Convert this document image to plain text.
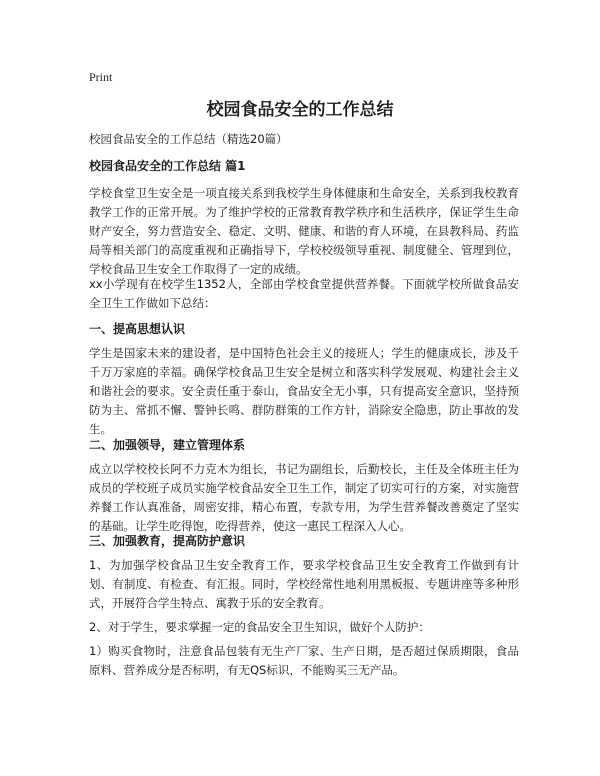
Print
校园食品安全的工作总结

校园食品安全的工作总结（精选20篇）

校园食品安全的工作总结 篇1

学校食堂卫生安全是一项直接关系到我校学生身体健康和生命安全，关系到我校教育教学工作的正常开展。为了维护学校的正常教育教学秩序和生活秩序，保证学生生命财产安全，努力营造安全、稳定、文明、健康、和谐的育人环境，在县教科局、药监局等相关部门的高度重视和正确指导下，学校校级领导重视、制度健全、管理到位，学校食品卫生安全工作取得了一定的成绩。

xx小学现有在校学生1352人，全部由学校食堂提供营养餐。下面就学校所做食品安全卫生工作做如下总结：

一、提高思想认识

学生是国家未来的建设者，是中国特色社会主义的接班人；学生的健康成长，涉及千千万万家庭的幸福。确保学校食品卫生安全是树立和落实科学发展观、构建社会主义和谐社会的要求。安全责任重于泰山，食品安全无小事，只有提高安全意识，坚持预防为主、常抓不懈、警钟长鸣、群防群策的工作方针，消除安全隐患，防止事故的发生。

二、加强领导，建立管理体系

成立以学校校长阿不力克木为组长，书记为副组长，后勤校长，主任及全体班主任为成员的学校班子成员实施学校食品安全卫生工作，制定了切实可行的方案，对实施营养餐工作认真准备，周密安排，精心布置，专款专用，为学生营养餐改善奠定了坚实的基础。让学生吃得饱，吃得营养，使这一惠民工程深入人心。

三、加强教育，提高防护意识

1、为加强学校食品卫生安全教育工作，要求学校食品卫生安全教育工作做到有计划、有制度、有检查、有汇报。同时，学校经常性地利用黑板报、专题讲座等多种形式，开展符合学生特点、寓教于乐的安全教育。

2、对于学生，要求掌握一定的食品安全卫生知识，做好个人防护：

1）购买食物时，注意食品包装有无生产厂家、生产日期，是否超过保质期限，食品原料、营养成分是否标明，有无QS标识，不能购买三无产品。
